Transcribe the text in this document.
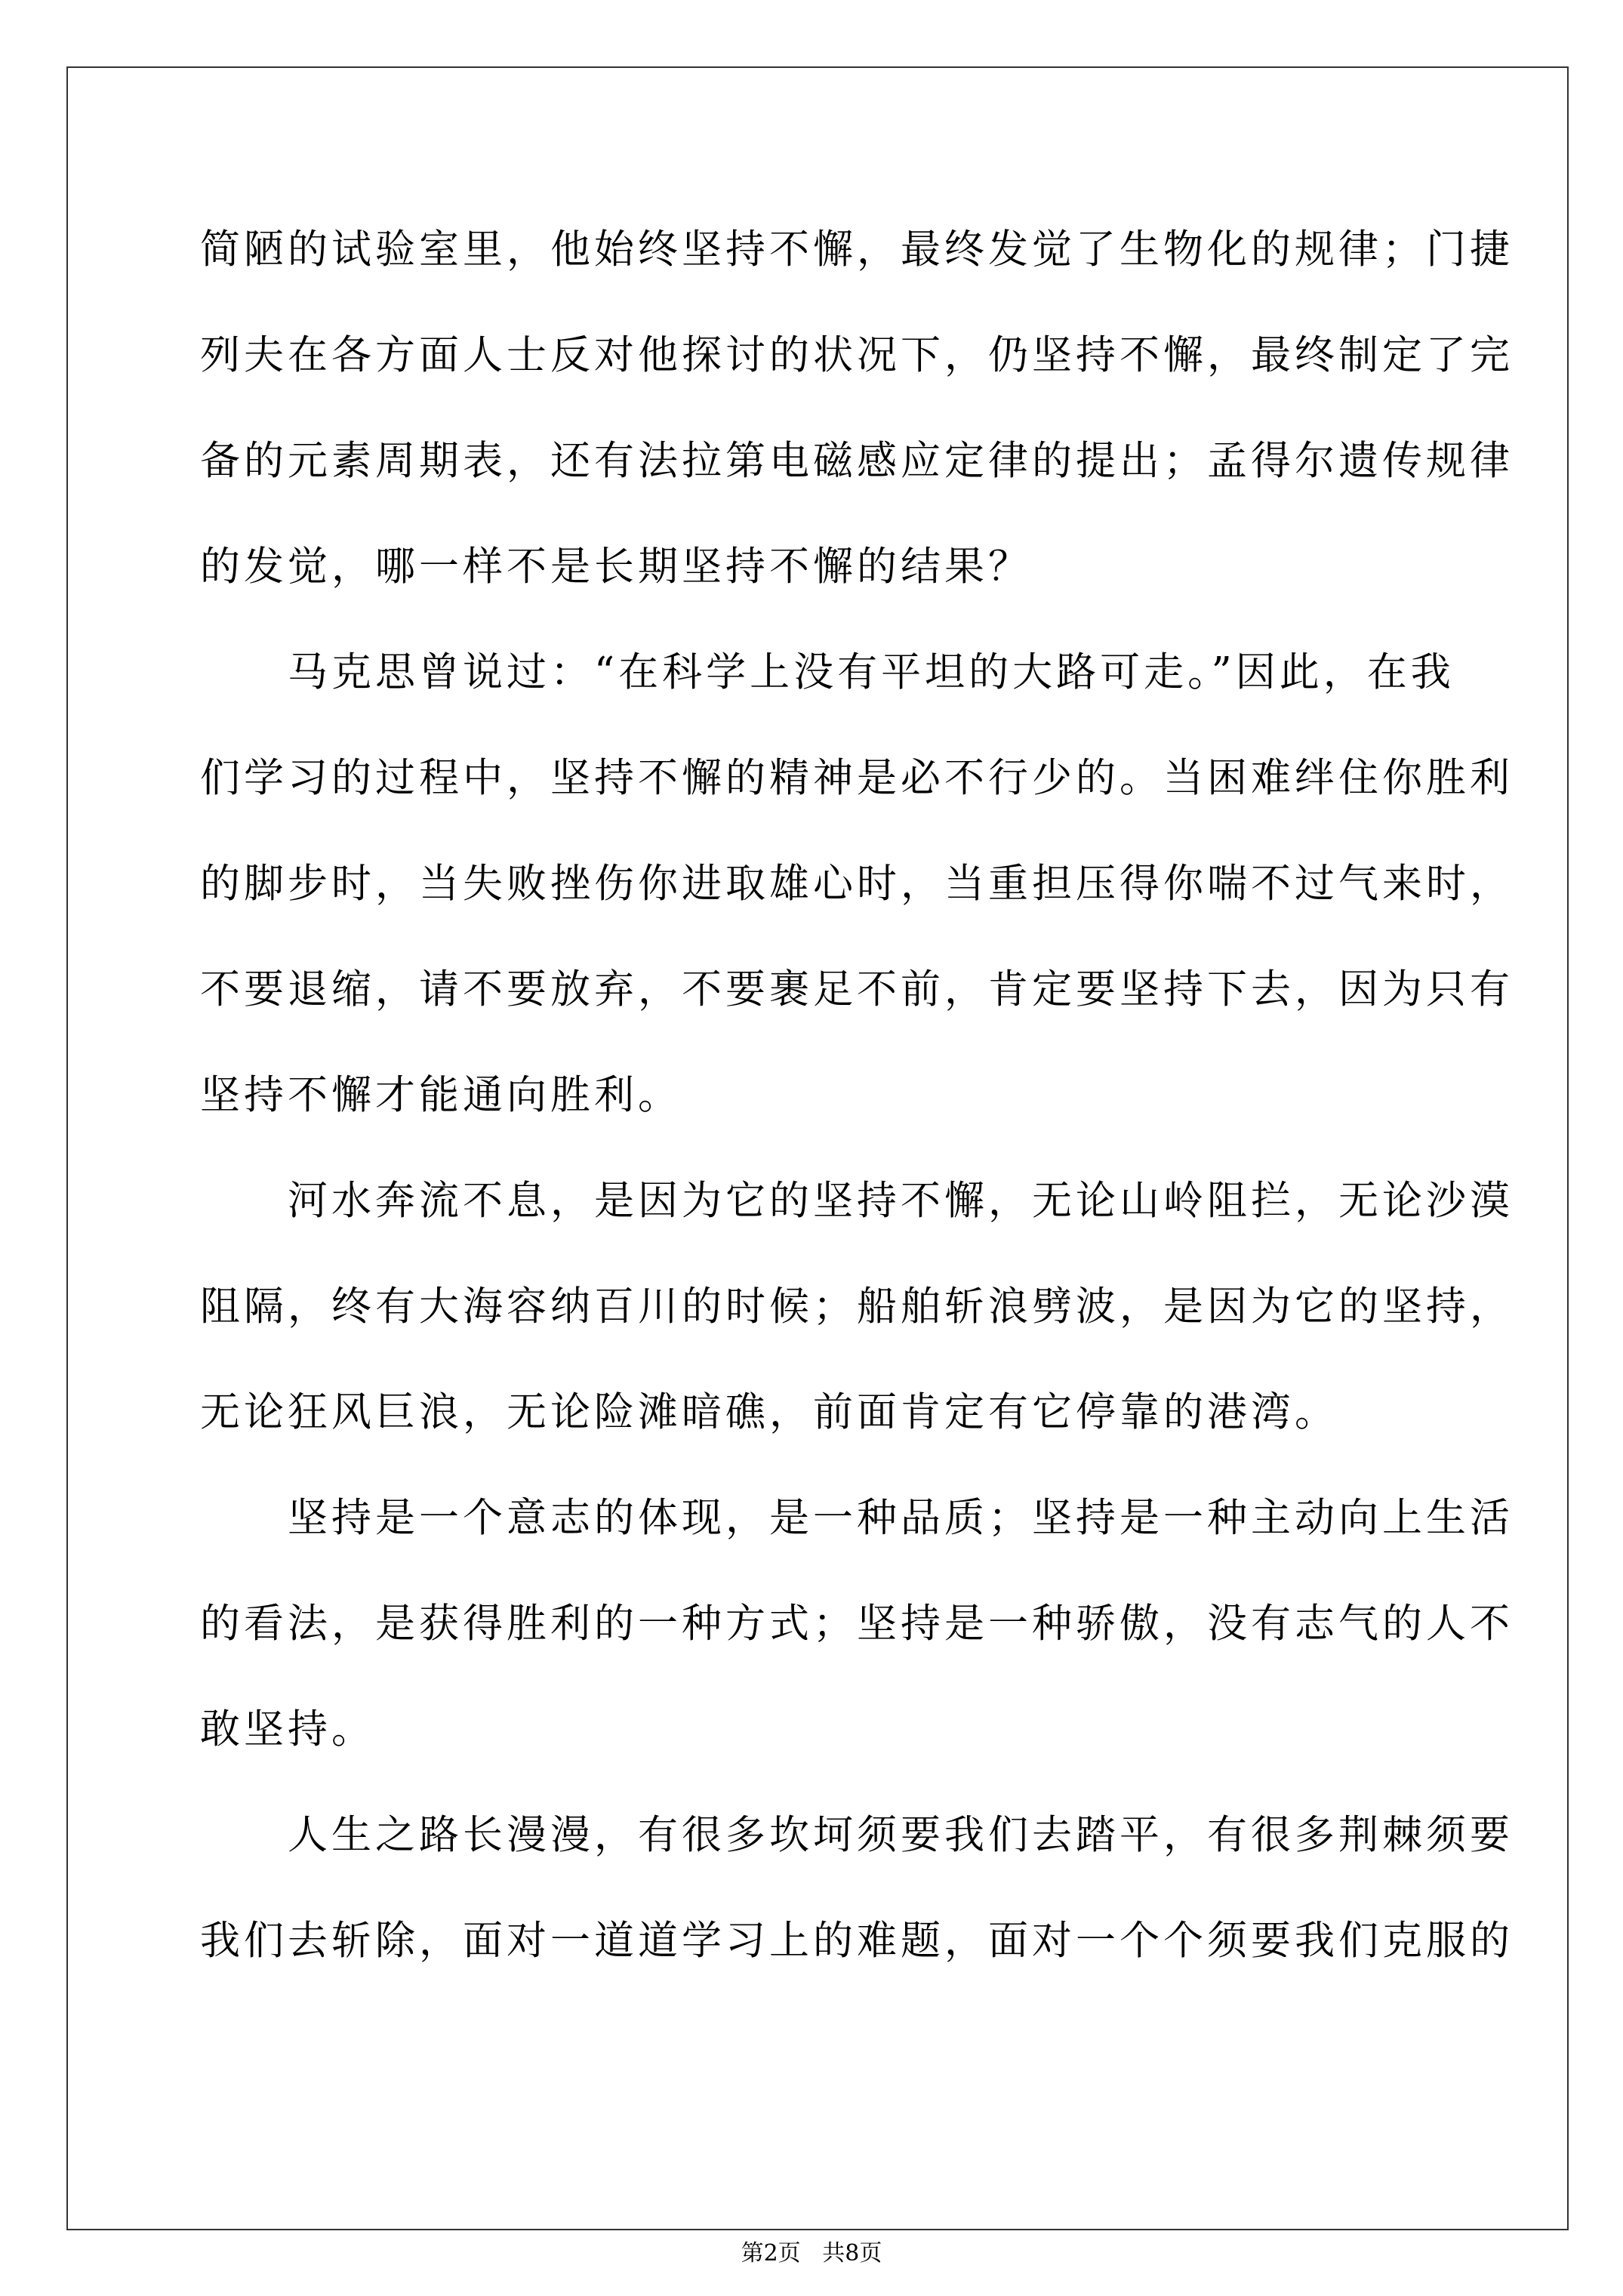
简陋的试验室里，他始终坚持不懈，最终发觉了生物化的规律；门捷
列夫在各方面人士反对他探讨的状况下，仍坚持不懈，最终制定了完
备的元素周期表，还有法拉第电磁感应定律的提出；孟得尔遗传规律
的发觉，哪一样不是长期坚持不懈的结果？
　　马克思曾说过：“在科学上没有平坦的大路可走。”因此，在我
们学习的过程中，坚持不懈的精神是必不行少的。当困难绊住你胜利
的脚步时，当失败挫伤你进取雄心时，当重担压得你喘不过气来时，
不要退缩，请不要放弃，不要裹足不前，肯定要坚持下去，因为只有
坚持不懈才能通向胜利。
　　河水奔流不息，是因为它的坚持不懈，无论山岭阻拦，无论沙漠
阻隔，终有大海容纳百川的时候；船舶斩浪劈波，是因为它的坚持，
无论狂风巨浪，无论险滩暗礁，前面肯定有它停靠的港湾。
　　坚持是一个意志的体现，是一种品质；坚持是一种主动向上生活
的看法，是获得胜利的一种方式；坚持是一种骄傲，没有志气的人不
敢坚持。
　　人生之路长漫漫，有很多坎坷须要我们去踏平，有很多荆棘须要
我们去斩除，面对一道道学习上的难题，面对一个个须要我们克服的
第2页 共8页
